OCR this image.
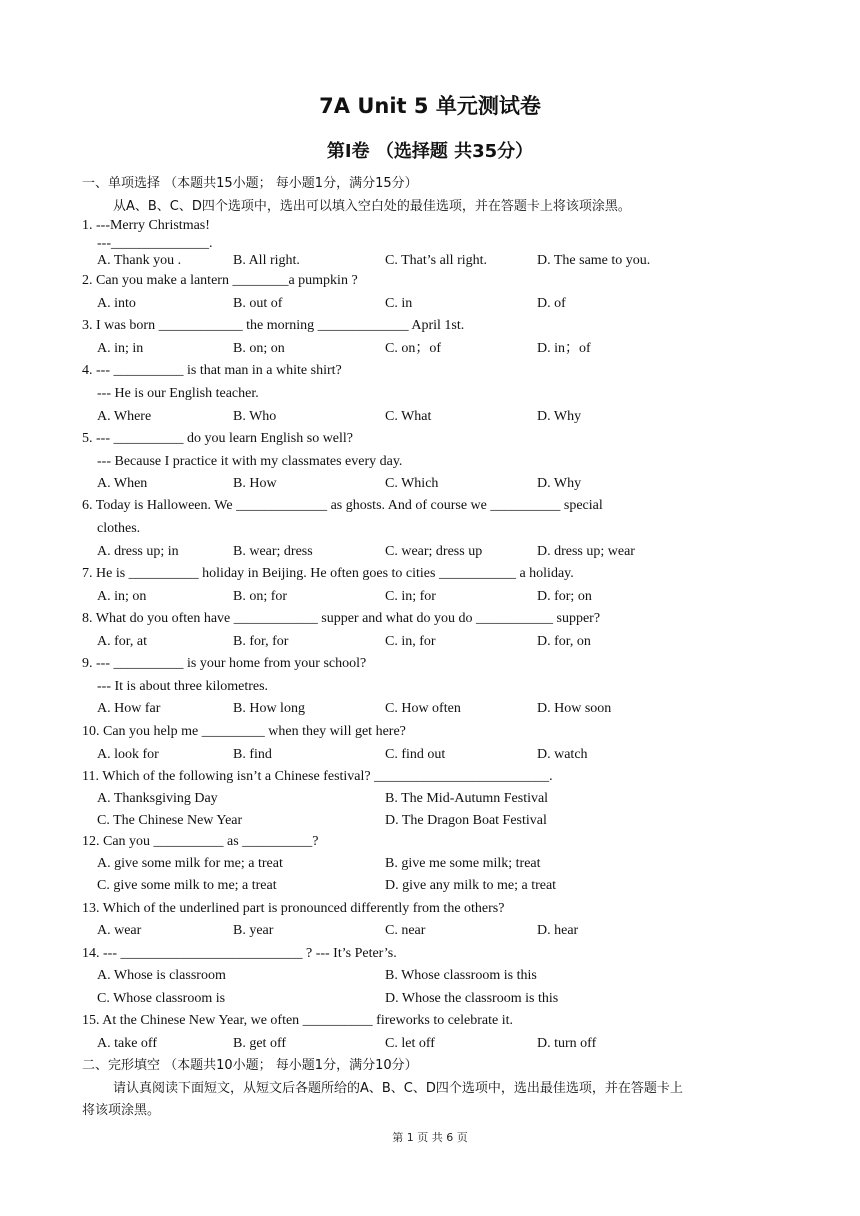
7A Unit 5 单元测试卷
第Ⅰ卷 （选择题 共35分）
一、单项选择 （本题共15小题； 每小题1分，满分15分）
从A、B、C、D四个选项中，选出可以填入空白处的最佳选项，并在答题卡上将该项涂黑。
1. ---Merry Christmas!
---______________.
A. Thank you .	B. All right.	C. That’s all right.	D. The same to you.
2. Can you make a lantern ________a pumpkin ?
A. into	B. out of	C. in	D. of
3. I was born ____________ the morning _____________ April 1st.
A. in; in	B. on; on	C. on；of	D. in；of
4. --- __________ is that man in a white shirt?
--- He is our English teacher.
A. Where	B. Who	C. What	D. Why
5. --- __________ do you learn English so well?
--- Because I practice it with my classmates every day.
A. When	B. How	C. Which	D. Why
6. Today is Halloween. We _____________ as ghosts. And of course we __________ special
clothes.
A. dress up; in	B. wear; dress	C. wear; dress up	D. dress up; wear
7. He is __________ holiday in Beijing. He often goes to cities ___________ a holiday.
A. in; on	B. on; for	C. in; for	D. for; on
8. What do you often have ____________ supper and what do you do ___________ supper?
A. for, at	B. for, for	C. in, for	D. for, on
9. --- __________ is your home from your school?
--- It is about three kilometres.
A. How far	B. How long	C. How often	D. How soon
10. Can you help me _________ when they will get here?
A. look for	B. find	C. find out	D. watch
11. Which of the following isn’t a Chinese festival? _________________________.
A. Thanksgiving Day	B. The Mid-Autumn Festival
C. The Chinese New Year	D. The Dragon Boat Festival
12. Can you __________ as __________?
A. give some milk for me; a treat	B. give me some milk; treat
C. give some milk to me; a treat	D. give any milk to me; a treat
13. Which of the underlined part is pronounced differently from the others?
A. wear	B. year	C. near	D. hear
14. --- __________________________ ? --- It’s Peter’s.
A. Whose is classroom	B. Whose classroom is this
C. Whose classroom is	D. Whose the classroom is this
15. At the Chinese New Year, we often __________ fireworks to celebrate it.
A. take off	B. get off	C. let off	D. turn off
二、完形填空 （本题共10小题； 每小题1分，满分10分）
请认真阅读下面短文，从短文后各题所给的A、B、C、D四个选项中，选出最佳选项，并在答题卡上
将该项涂黑。
第 1 页 共 6 页
